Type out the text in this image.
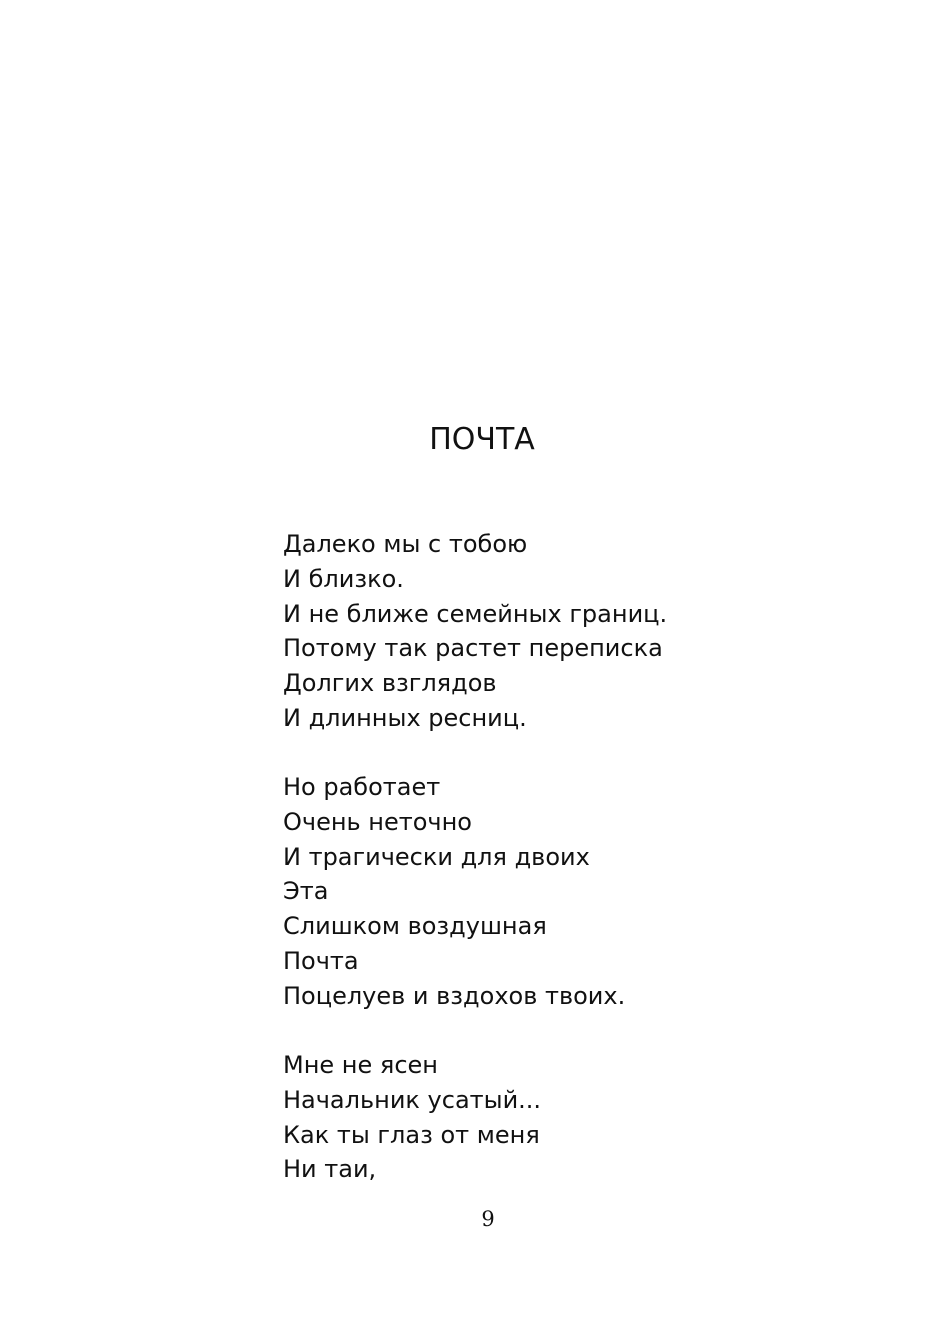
ПОЧТА
Далеко мы с тобою
И близко.
И не ближе семейных границ.
Потому так растет переписка
Долгих взглядов
И длинных ресниц.
Но работает
Очень неточно
И трагически для двоих
Эта
Слишком воздушная
Почта
Поцелуев и вздохов твоих.
Мне не ясен
Начальник усатый...
Как ты глаз от меня
Ни таи,
9
